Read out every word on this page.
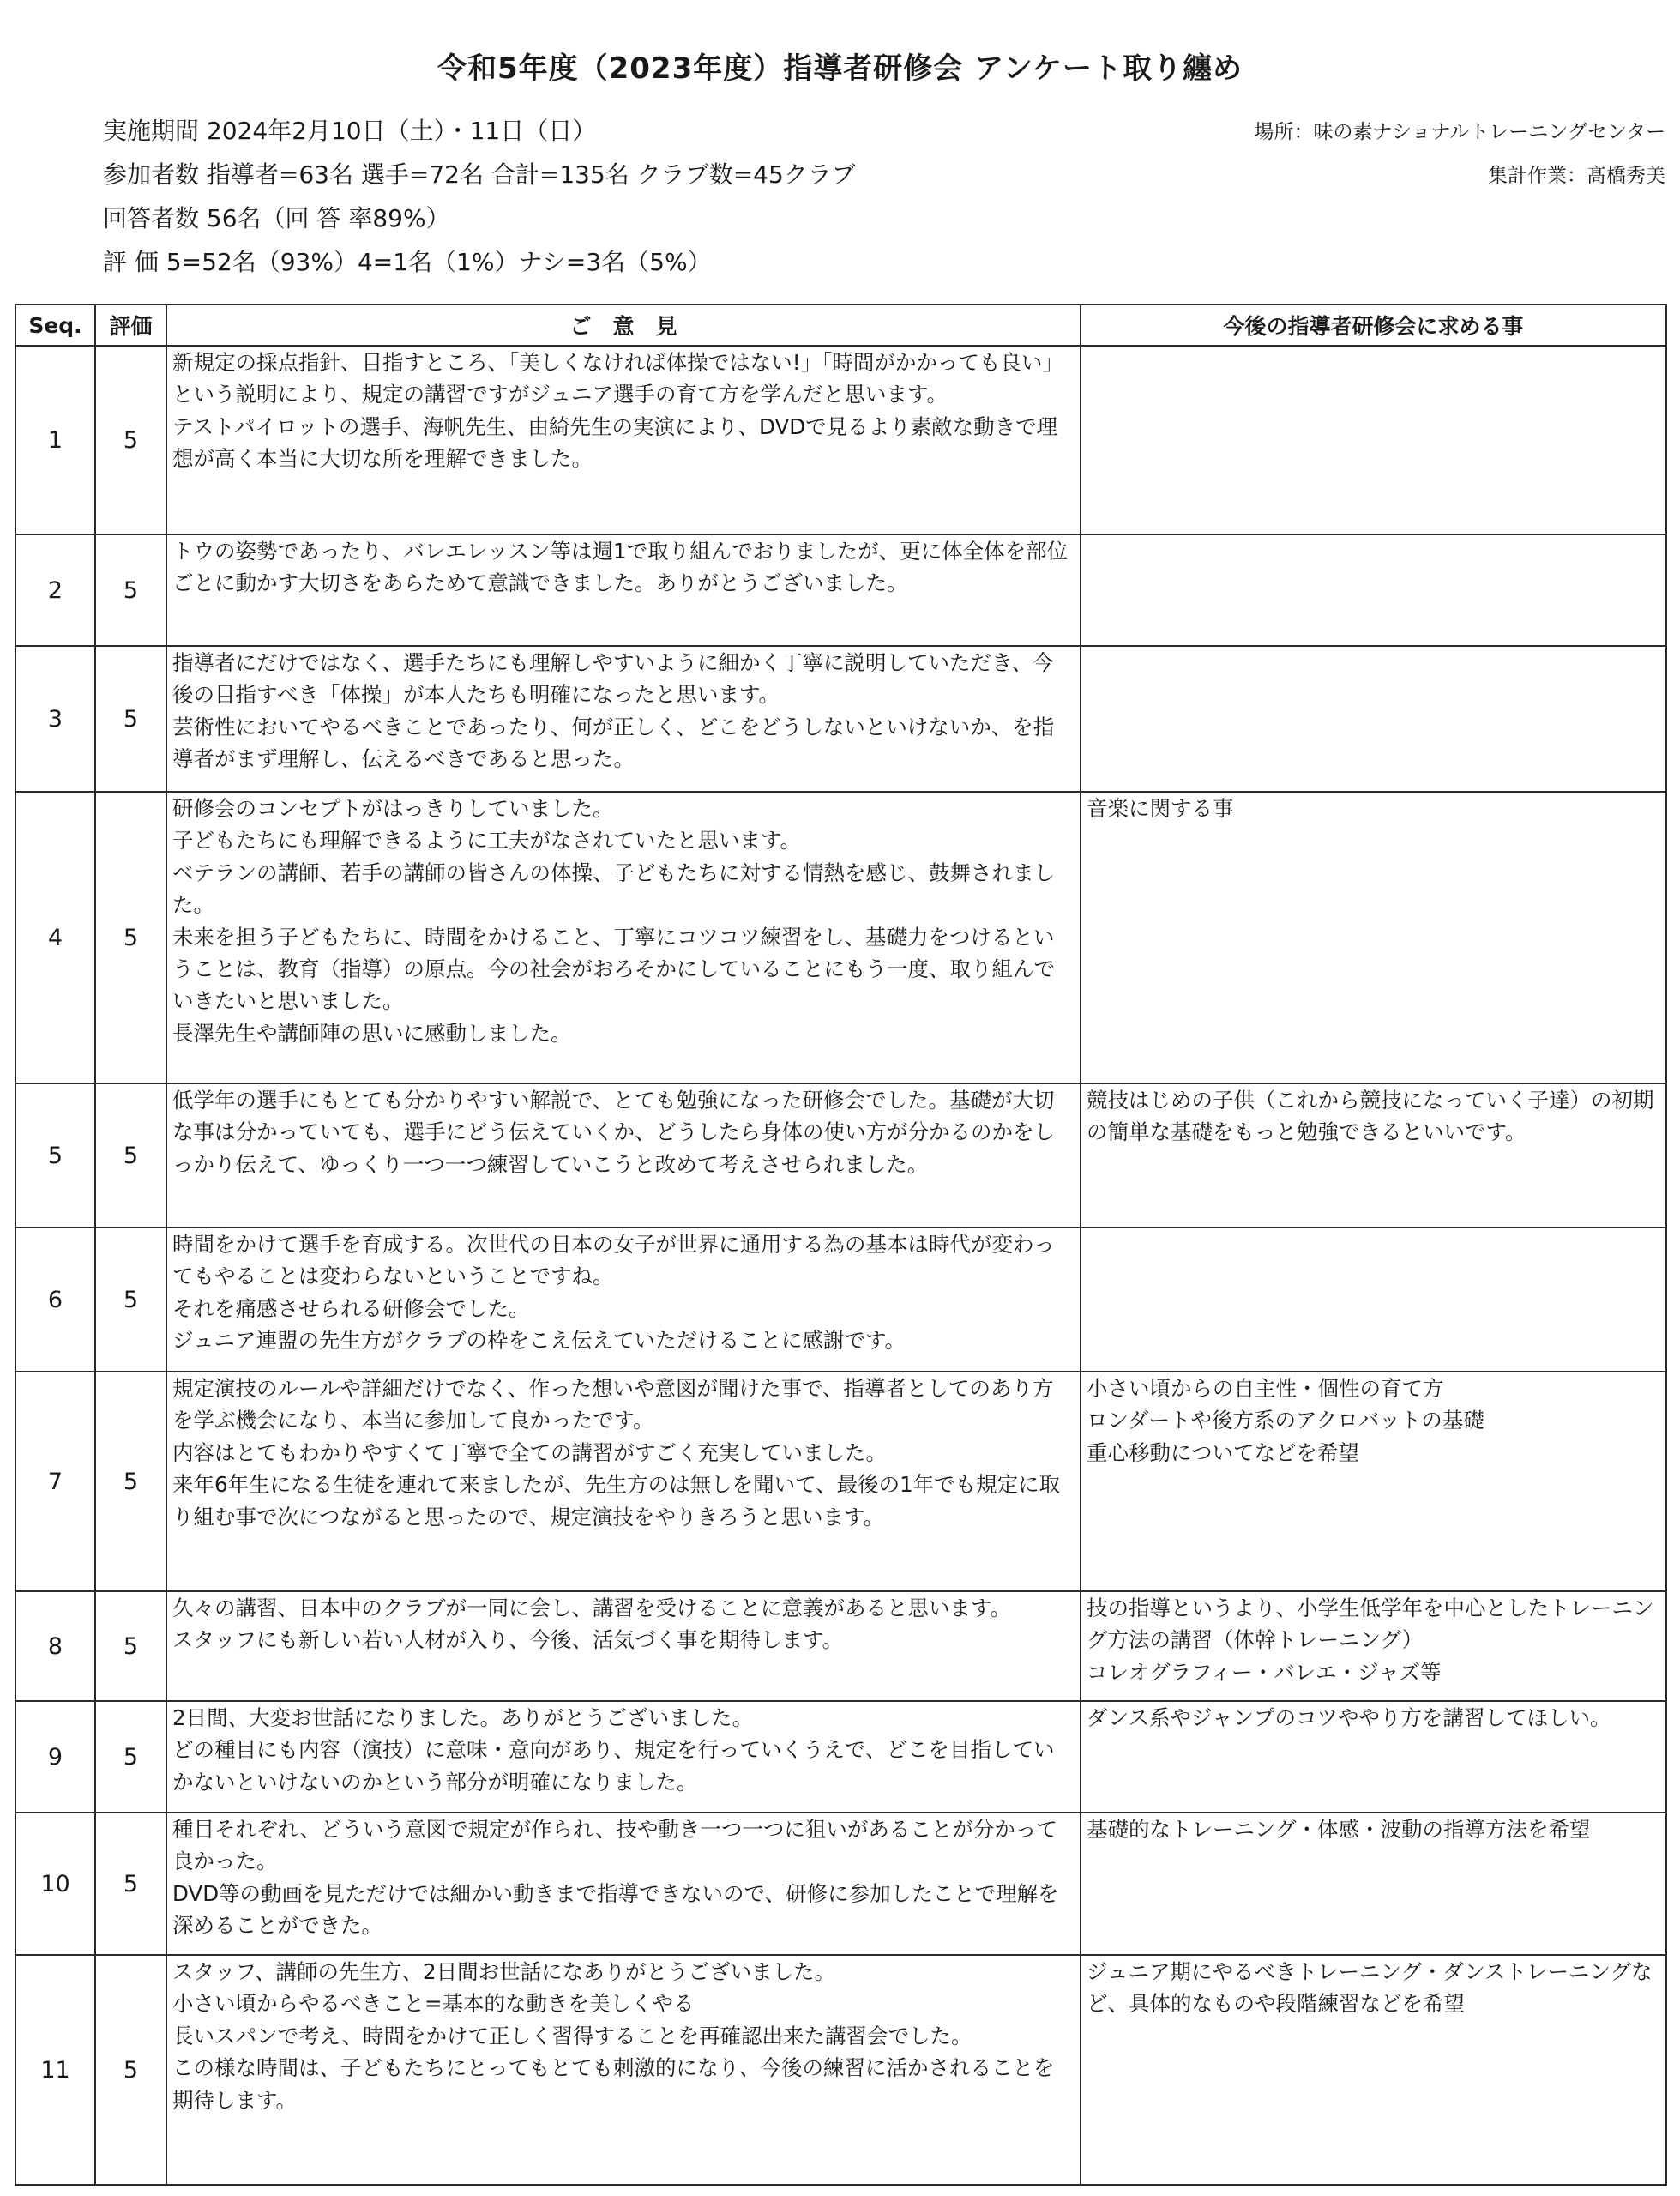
令和5年度（2023年度）指導者研修会 アンケート取り纏め
実施期間 2024年2月10日（土）・11日（日）
参加者数 指導者=63名 選手=72名 合計=135名 クラブ数=45クラブ
回答者数 56名（回 答 率89%）
評 価 5=52名（93%）4=1名（1%）ナシ=3名（5%）
場所：味の素ナショナルトレーニングセンター
集計作業：髙橋秀美
Seq.	評価	ご　意　見	今後の指導者研修会に求める事
1	5	新規定の採点指針、目指すところ、「美しくなければ体操ではない!」「時間がかかっても良い」という説明により、規定の講習ですがジュニア選手の育て方を学んだと思います。
テストパイロットの選手、海帆先生、由綺先生の実演により、DVDで見るより素敵な動きで理想が高く本当に大切な所を理解できました。	
2	5	トウの姿勢であったり、バレエレッスン等は週1で取り組んでおりましたが、更に体全体を部位ごとに動かす大切さをあらためて意識できました。ありがとうございました。	
3	5	指導者にだけではなく、選手たちにも理解しやすいように細かく丁寧に説明していただき、今後の目指すべき「体操」が本人たちも明確になったと思います。
芸術性においてやるべきことであったり、何が正しく、どこをどうしないといけないか、を指導者がまず理解し、伝えるべきであると思った。	
4	5	研修会のコンセプトがはっきりしていました。
子どもたちにも理解できるように工夫がなされていたと思います。
ベテランの講師、若手の講師の皆さんの体操、子どもたちに対する情熱を感じ、鼓舞されました。
未来を担う子どもたちに、時間をかけること、丁寧にコツコツ練習をし、基礎力をつけるということは、教育（指導）の原点。今の社会がおろそかにしていることにもう一度、取り組んでいきたいと思いました。
長澤先生や講師陣の思いに感動しました。	音楽に関する事
5	5	低学年の選手にもとても分かりやすい解説で、とても勉強になった研修会でした。基礎が大切な事は分かっていても、選手にどう伝えていくか、どうしたら身体の使い方が分かるのかをしっかり伝えて、ゆっくり一つ一つ練習していこうと改めて考えさせられました。	競技はじめの子供（これから競技になっていく子達）の初期の簡単な基礎をもっと勉強できるといいです。
6	5	時間をかけて選手を育成する。次世代の日本の女子が世界に通用する為の基本は時代が変わってもやることは変わらないということですね。
それを痛感させられる研修会でした。
ジュニア連盟の先生方がクラブの枠をこえ伝えていただけることに感謝です。	
7	5	規定演技のルールや詳細だけでなく、作った想いや意図が聞けた事で、指導者としてのあり方を学ぶ機会になり、本当に参加して良かったです。
内容はとてもわかりやすくて丁寧で全ての講習がすごく充実していました。
来年6年生になる生徒を連れて来ましたが、先生方のは無しを聞いて、最後の1年でも規定に取り組む事で次につながると思ったので、規定演技をやりきろうと思います。	小さい頃からの自主性・個性の育て方
ロンダートや後方系のアクロバットの基礎
重心移動についてなどを希望
8	5	久々の講習、日本中のクラブが一同に会し、講習を受けることに意義があると思います。
スタッフにも新しい若い人材が入り、今後、活気づく事を期待します。	技の指導というより、小学生低学年を中心としたトレーニング方法の講習（体幹トレーニング）
コレオグラフィー・バレエ・ジャズ等
9	5	2日間、大変お世話になりました。ありがとうございました。
どの種目にも内容（演技）に意味・意向があり、規定を行っていくうえで、どこを目指していかないといけないのかという部分が明確になりました。	ダンス系やジャンプのコツややり方を講習してほしい。
10	5	種目それぞれ、どういう意図で規定が作られ、技や動き一つ一つに狙いがあることが分かって良かった。
DVD等の動画を見ただけでは細かい動きまで指導できないので、研修に参加したことで理解を深めることができた。	基礎的なトレーニング・体感・波動の指導方法を希望
11	5	スタッフ、講師の先生方、2日間お世話になありがとうございました。
小さい頃からやるべきこと=基本的な動きを美しくやる
長いスパンで考え、時間をかけて正しく習得することを再確認出来た講習会でした。
この様な時間は、子どもたちにとってもとても刺激的になり、今後の練習に活かされることを期待します。	ジュニア期にやるべきトレーニング・ダンストレーニングなど、具体的なものや段階練習などを希望
